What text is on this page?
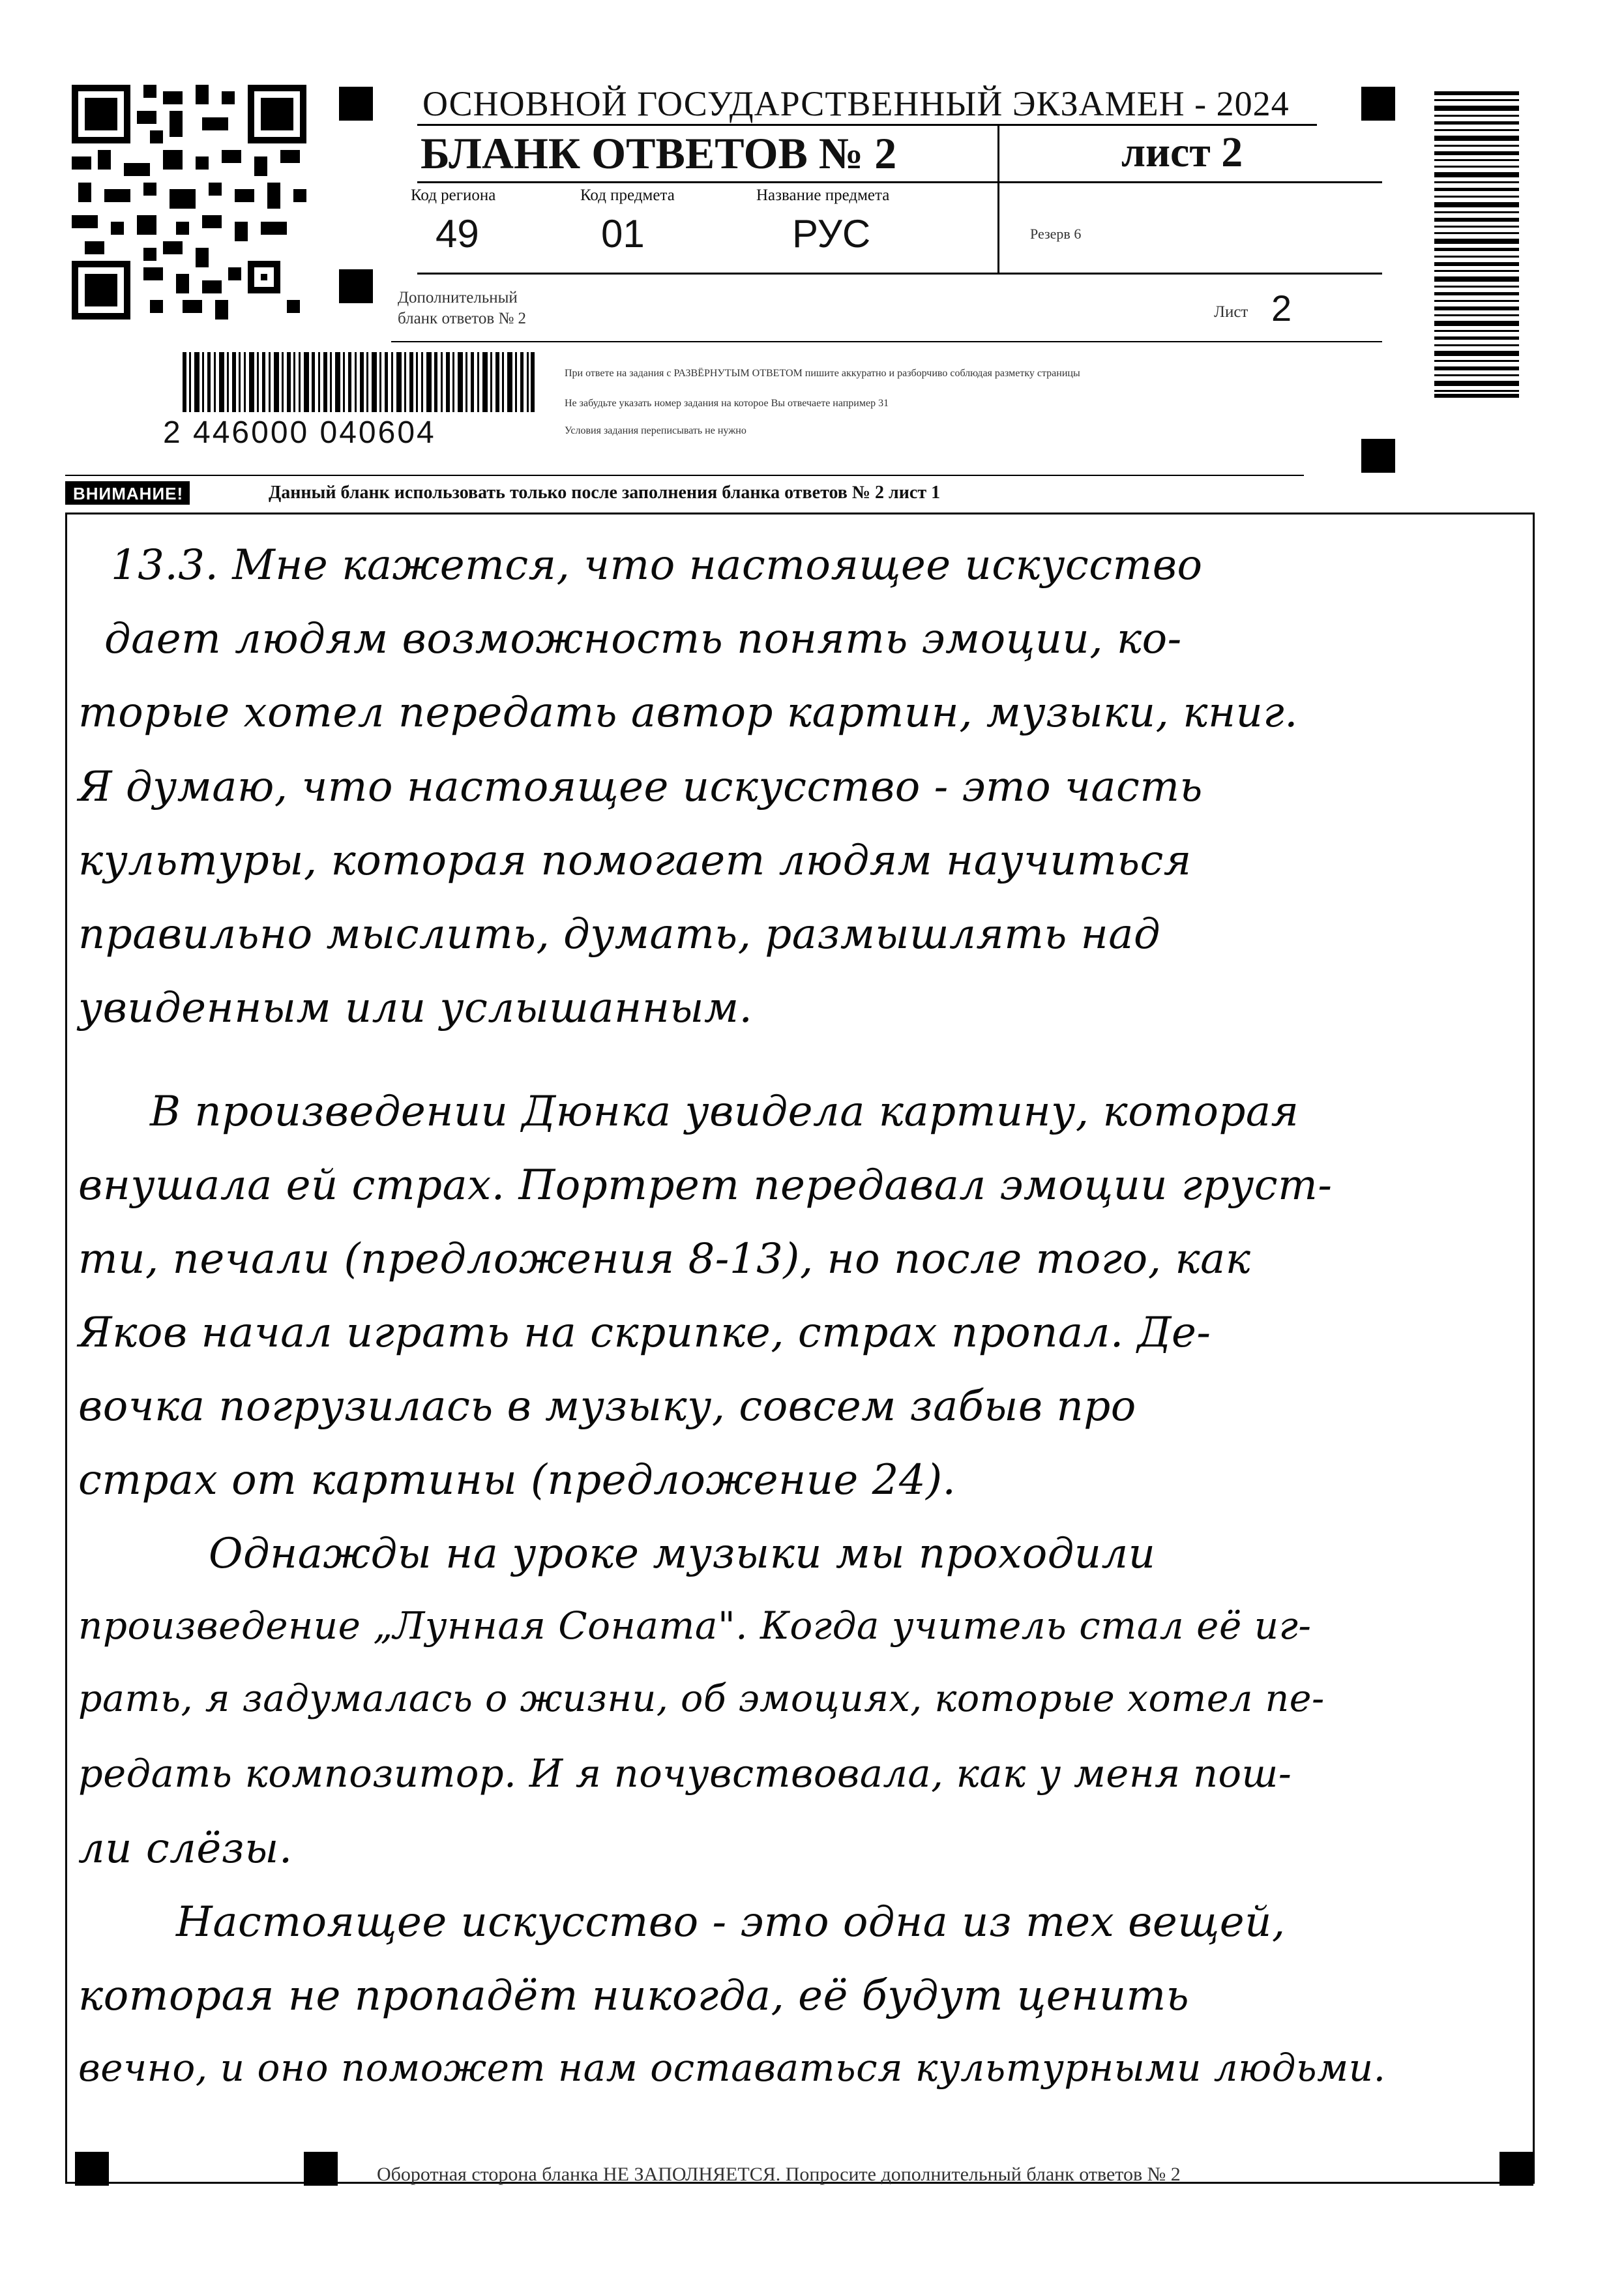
ОСНОВНОЙ ГОСУДАРСТВЕННЫЙ ЭКЗАМЕН - 2024
БЛАНК ОТВЕТОВ № 2	лист 2
Код региона
49
Код предмета
01
Название предмета
РУС	Резерв 6
Дополнительный
бланк ответов № 2	Лист 2
При ответе на задания с РАЗВЁРНУТЫМ ОТВЕТОМ пишите аккуратно и разборчиво соблюдая разметку страницы
Не забудьте указать номер задания на которое Вы отвечаете например 31
Условия задания переписывать не нужно
2 446000 040604
ВНИМАНИЕ!	Данный бланк использовать только после заполнения бланка ответов № 2 лист 1
13.3. Мне кажется, что настоящее искусство
дает людям возможность понять эмоции, ко-
торые хотел передать автор картин, музыки, книг.
Я думаю, что настоящее искусство - это часть
культуры, которая помогает людям научиться
правильно мыслить, думать, размышлять над
увиденным или услышанным.
В произведении Дюнка увидела картину, которая
внушала ей страх. Портрет передавал эмоции груст-
ти, печали (предложения 8-13), но после того, как
Яков начал играть на скрипке, страх пропал. Де-
вочка погрузилась в музыку, совсем забыв про
страх от картины (предложение 24).
Однажды на уроке музыки мы проходили
произведение „Лунная Соната". Когда учитель стал её иг-
рать, я задумалась о жизни, об эмоциях, которые хотел пе-
редать композитор. И я почувствовала, как у меня пош-
ли слёзы.
Настоящее искусство - это одна из тех вещей,
которая не пропадёт никогда, её будут ценить
вечно, и оно поможет нам оставаться культурными людьми.
Оборотная сторона бланка НЕ ЗАПОЛНЯЕТСЯ. Попросите дополнительный бланк ответов № 2
